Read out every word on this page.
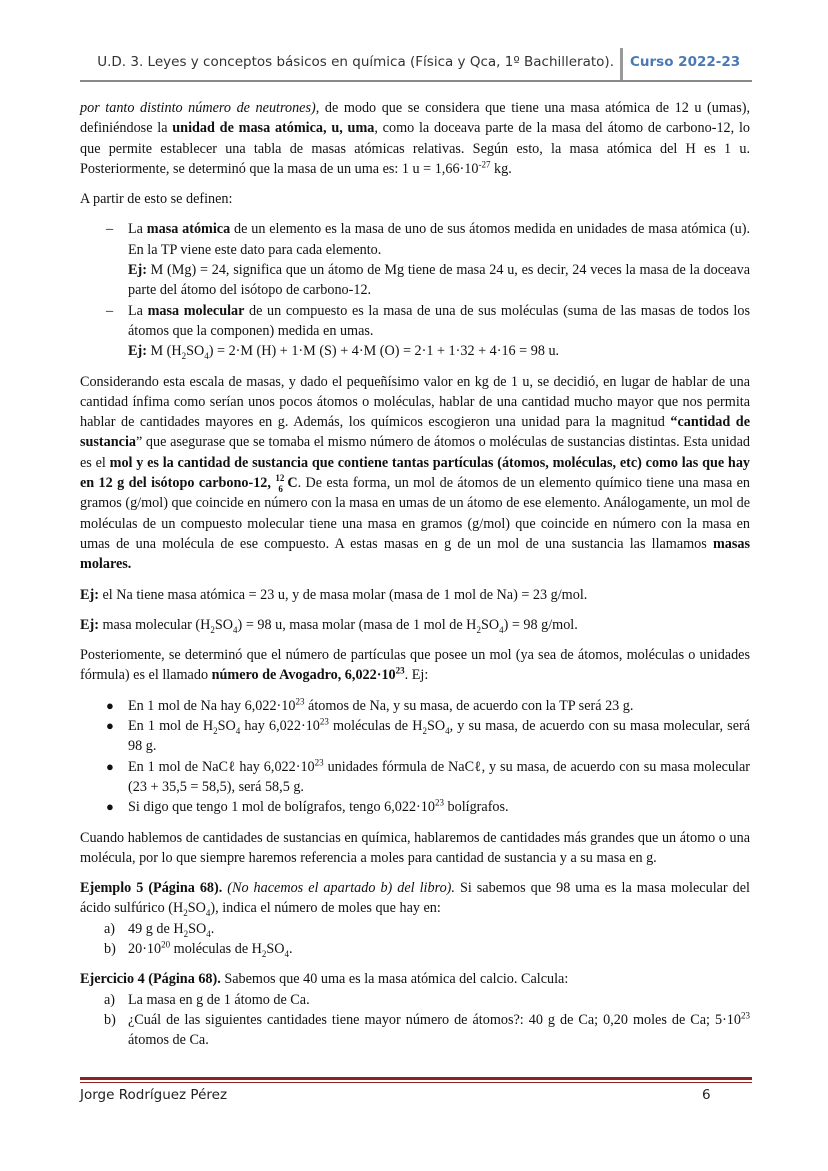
U.D. 3. Leyes y conceptos básicos en química (Física y Qca, 1º Bachillerato). Curso 2022-23

por tanto distinto número de neutrones), de modo que se considera que tiene una masa atómica de 12 u (umas), definiéndose la unidad de masa atómica, u, uma, como la doceava parte de la masa del átomo de carbono-12, lo que permite establecer una tabla de masas atómicas relativas. Según esto, la masa atómica del H es 1 u. Posteriormente, se determinó que la masa de un uma es: 1 $u = 1,66\cdot 10^{-27}$ kg.

A partir de esto se definen:

– La masa atómica de un elemento es la masa de uno de sus átomos medida en unidades de masa atómica (u). En la TP viene este dato para cada elemento.
Ej: M (Mg) = 24, significa que un átomo de Mg tiene de masa 24 u, es decir, 24 veces la masa de la doceava parte del átomo del isótopo de carbono-12.
– La masa molecular de un compuesto es la masa de una de sus moléculas (suma de las masas de todos los átomos que la componen) medida en umas.
Ej: M $(H_2SO_4) = 2\cdot M$ (H) + 1·M (S) + 4·M (O) = 2·1 + 1·32 + 4·16 = 98 u.

Considerando esta escala de masas, y dado el pequeñísimo valor en kg de 1 u, se decidió, en lugar de hablar de una cantidad ínfima como serían unos pocos átomos o moléculas, hablar de una cantidad mucho mayor que nos permita hablar de cantidades mayores en g. Además, los químicos escogieron una unidad para la magnitud “cantidad de sustancia” que asegurase que se tomaba el mismo número de átomos o moléculas de sustancias distintas. Esta unidad es el mol y es la cantidad de sustancia que contiene tantas partículas (átomos, moléculas, etc) como las que hay en 12 g del isótopo carbono-12, 12
6 C. De esta forma, un mol de átomos de un elemento químico tiene una masa en gramos (g/mol) que coincide en número con la masa en umas de un átomo de ese elemento. Análogamente, un mol de moléculas de un compuesto molecular tiene una masa en gramos (g/mol) que coincide en número con la masa en umas de una molécula de ese compuesto. A estas masas en g de un mol de una sustancia las llamamos masas molares.

Ej: el Na tiene masa atómica = 23 u, y de masa molar (masa de 1 mol de Na) = 23 g/mol.

Ej: masa molecular $(H_2SO_4) = 98$ u, masa molar (masa de 1 mol de $H_2SO_4) = 98$ g/mol.

Posteriomente, se determinó que el número de partículas que posee un mol (ya sea de átomos, moléculas o unidades fórmula) es el llamado número de Avogadro, $6,022\cdot 10^{23}$. Ej:

● En 1 mol de Na hay $6,022\cdot 10^{23}$ átomos de Na, y su masa, de acuerdo con la TP será 23 g.
● En 1 mol de $H_2SO_4$ hay $6,022\cdot 10^{23}$ moléculas de $H_2SO_4$, y su masa, de acuerdo con su masa molecular, será 98 g.
● En 1 mol de NaCℓ hay $6,022\cdot 10^{23}$ unidades fórmula de NaCℓ, y su masa, de acuerdo con su masa molecular (23 + 35,5 = 58,5), será 58,5 g.
● Si digo que tengo 1 mol de bolígrafos, tengo $6,022\cdot 10^{23}$ bolígrafos.

Cuando hablemos de cantidades de sustancias en química, hablaremos de cantidades más grandes que un átomo o una molécula, por lo que siempre haremos referencia a moles para cantidad de sustancia y a su masa en g.

Ejemplo 5 (Página 68). (No hacemos el apartado b) del libro). Si sabemos que 98 uma es la masa molecular del ácido sulfúrico $(H_2SO_4)$, indica el número de moles que hay en:

a) 49 g de $H_2SO_4$.
b) $20\cdot 10^{20}$ moléculas de $H_2SO_4$.

Ejercicio 4 (Página 68). Sabemos que 40 uma es la masa atómica del calcio. Calcula:

a) La masa en g de 1 átomo de Ca.
b) ¿Cuál de las siguientes cantidades tiene mayor número de átomos?: 40 g de Ca; 0,20 moles de Ca; $5\cdot 10^{23}$ átomos de Ca.
Jorge Rodríguez Pérez	6
